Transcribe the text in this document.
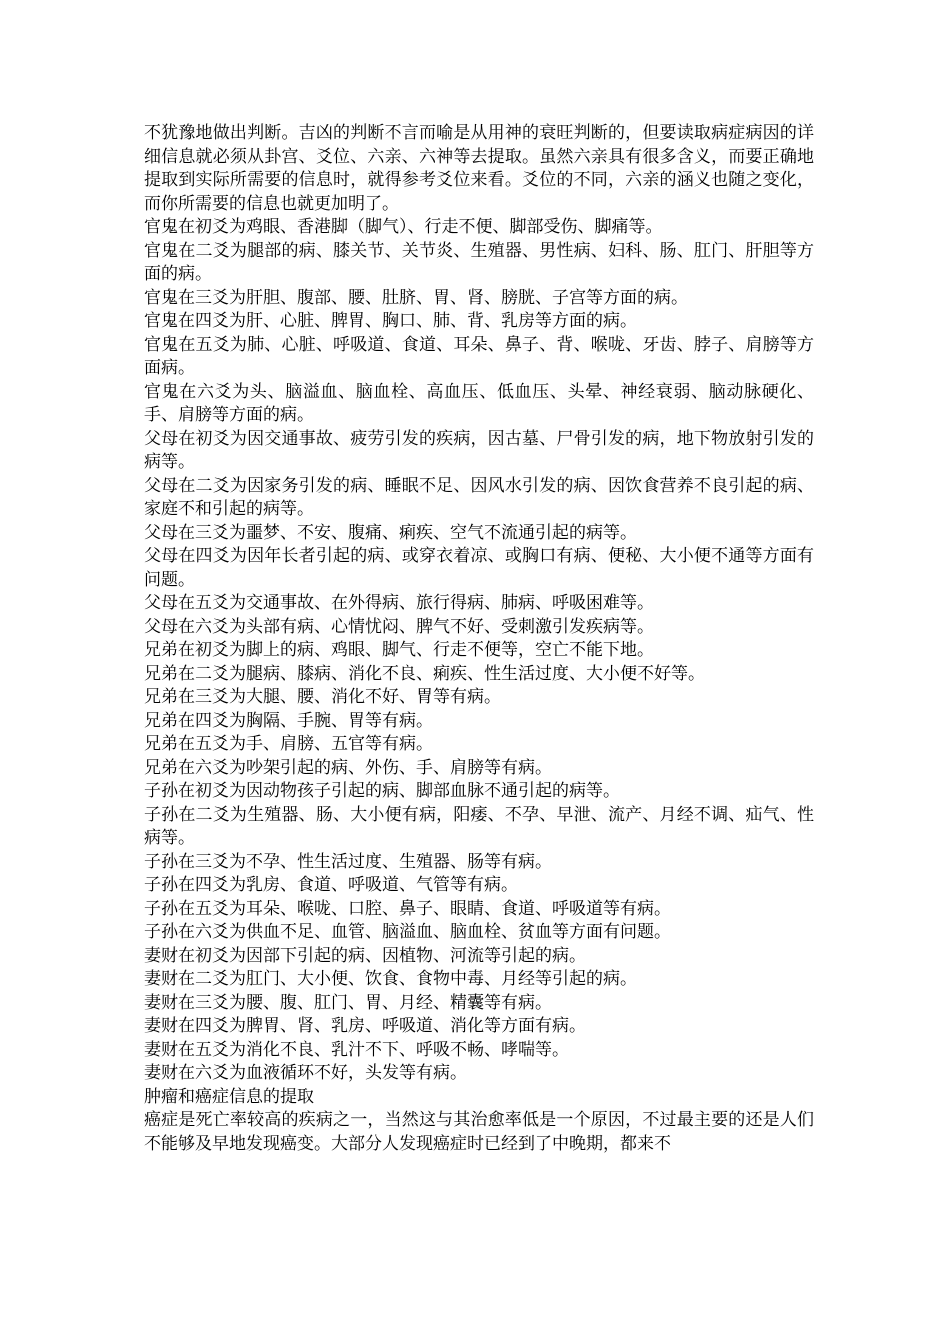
不犹豫地做出判断。吉凶的判断不言而喻是从用神的衰旺判断的，但要读取病症病因的详细信息就必须从卦宫、爻位、六亲、六神等去提取。虽然六亲具有很多含义，而要正确地提取到实际所需要的信息时，就得参考爻位来看。爻位的不同，六亲的涵义也随之变化，而你所需要的信息也就更加明了。

官鬼在初爻为鸡眼、香港脚（脚气）、行走不便、脚部受伤、脚痛等。

官鬼在二爻为腿部的病、膝关节、关节炎、生殖器、男性病、妇科、肠、肛门、肝胆等方面的病。

官鬼在三爻为肝胆、腹部、腰、肚脐、胃、肾、膀胱、子宫等方面的病。

官鬼在四爻为肝、心脏、脾胃、胸口、肺、背、乳房等方面的病。

官鬼在五爻为肺、心脏、呼吸道、食道、耳朵、鼻子、背、喉咙、牙齿、脖子、肩膀等方面病。

官鬼在六爻为头、脑溢血、脑血栓、高血压、低血压、头晕、神经衰弱、脑动脉硬化、手、肩膀等方面的病。

父母在初爻为因交通事故、疲劳引发的疾病，因古墓、尸骨引发的病，地下物放射引发的病等。

父母在二爻为因家务引发的病、睡眠不足、因风水引发的病、因饮食营养不良引起的病、家庭不和引起的病等。

父母在三爻为噩梦、不安、腹痛、痢疾、空气不流通引起的病等。

父母在四爻为因年长者引起的病、或穿衣着凉、或胸口有病、便秘、大小便不通等方面有问题。

父母在五爻为交通事故、在外得病、旅行得病、肺病、呼吸困难等。

父母在六爻为头部有病、心情忧闷、脾气不好、受刺激引发疾病等。

兄弟在初爻为脚上的病、鸡眼、脚气、行走不便等，空亡不能下地。

兄弟在二爻为腿病、膝病、消化不良、痢疾、性生活过度、大小便不好等。

兄弟在三爻为大腿、腰、消化不好、胃等有病。

兄弟在四爻为胸隔、手腕、胃等有病。

兄弟在五爻为手、肩膀、五官等有病。

兄弟在六爻为吵架引起的病、外伤、手、肩膀等有病。

子孙在初爻为因动物孩子引起的病、脚部血脉不通引起的病等。

子孙在二爻为生殖器、肠、大小便有病，阳痿、不孕、早泄、流产、月经不调、疝气、性病等。

子孙在三爻为不孕、性生活过度、生殖器、肠等有病。

子孙在四爻为乳房、食道、呼吸道、气管等有病。

子孙在五爻为耳朵、喉咙、口腔、鼻子、眼睛、食道、呼吸道等有病。

子孙在六爻为供血不足、血管、脑溢血、脑血栓、贫血等方面有问题。

妻财在初爻为因部下引起的病、因植物、河流等引起的病。

妻财在二爻为肛门、大小便、饮食、食物中毒、月经等引起的病。

妻财在三爻为腰、腹、肛门、胃、月经、精囊等有病。

妻财在四爻为脾胃、肾、乳房、呼吸道、消化等方面有病。

妻财在五爻为消化不良、乳汁不下、呼吸不畅、哮喘等。

妻财在六爻为血液循环不好，头发等有病。

肿瘤和癌症信息的提取

癌症是死亡率较高的疾病之一，当然这与其治愈率低是一个原因，不过最主要的还是人们不能够及早地发现癌变。大部分人发现癌症时已经到了中晚期，都来不
